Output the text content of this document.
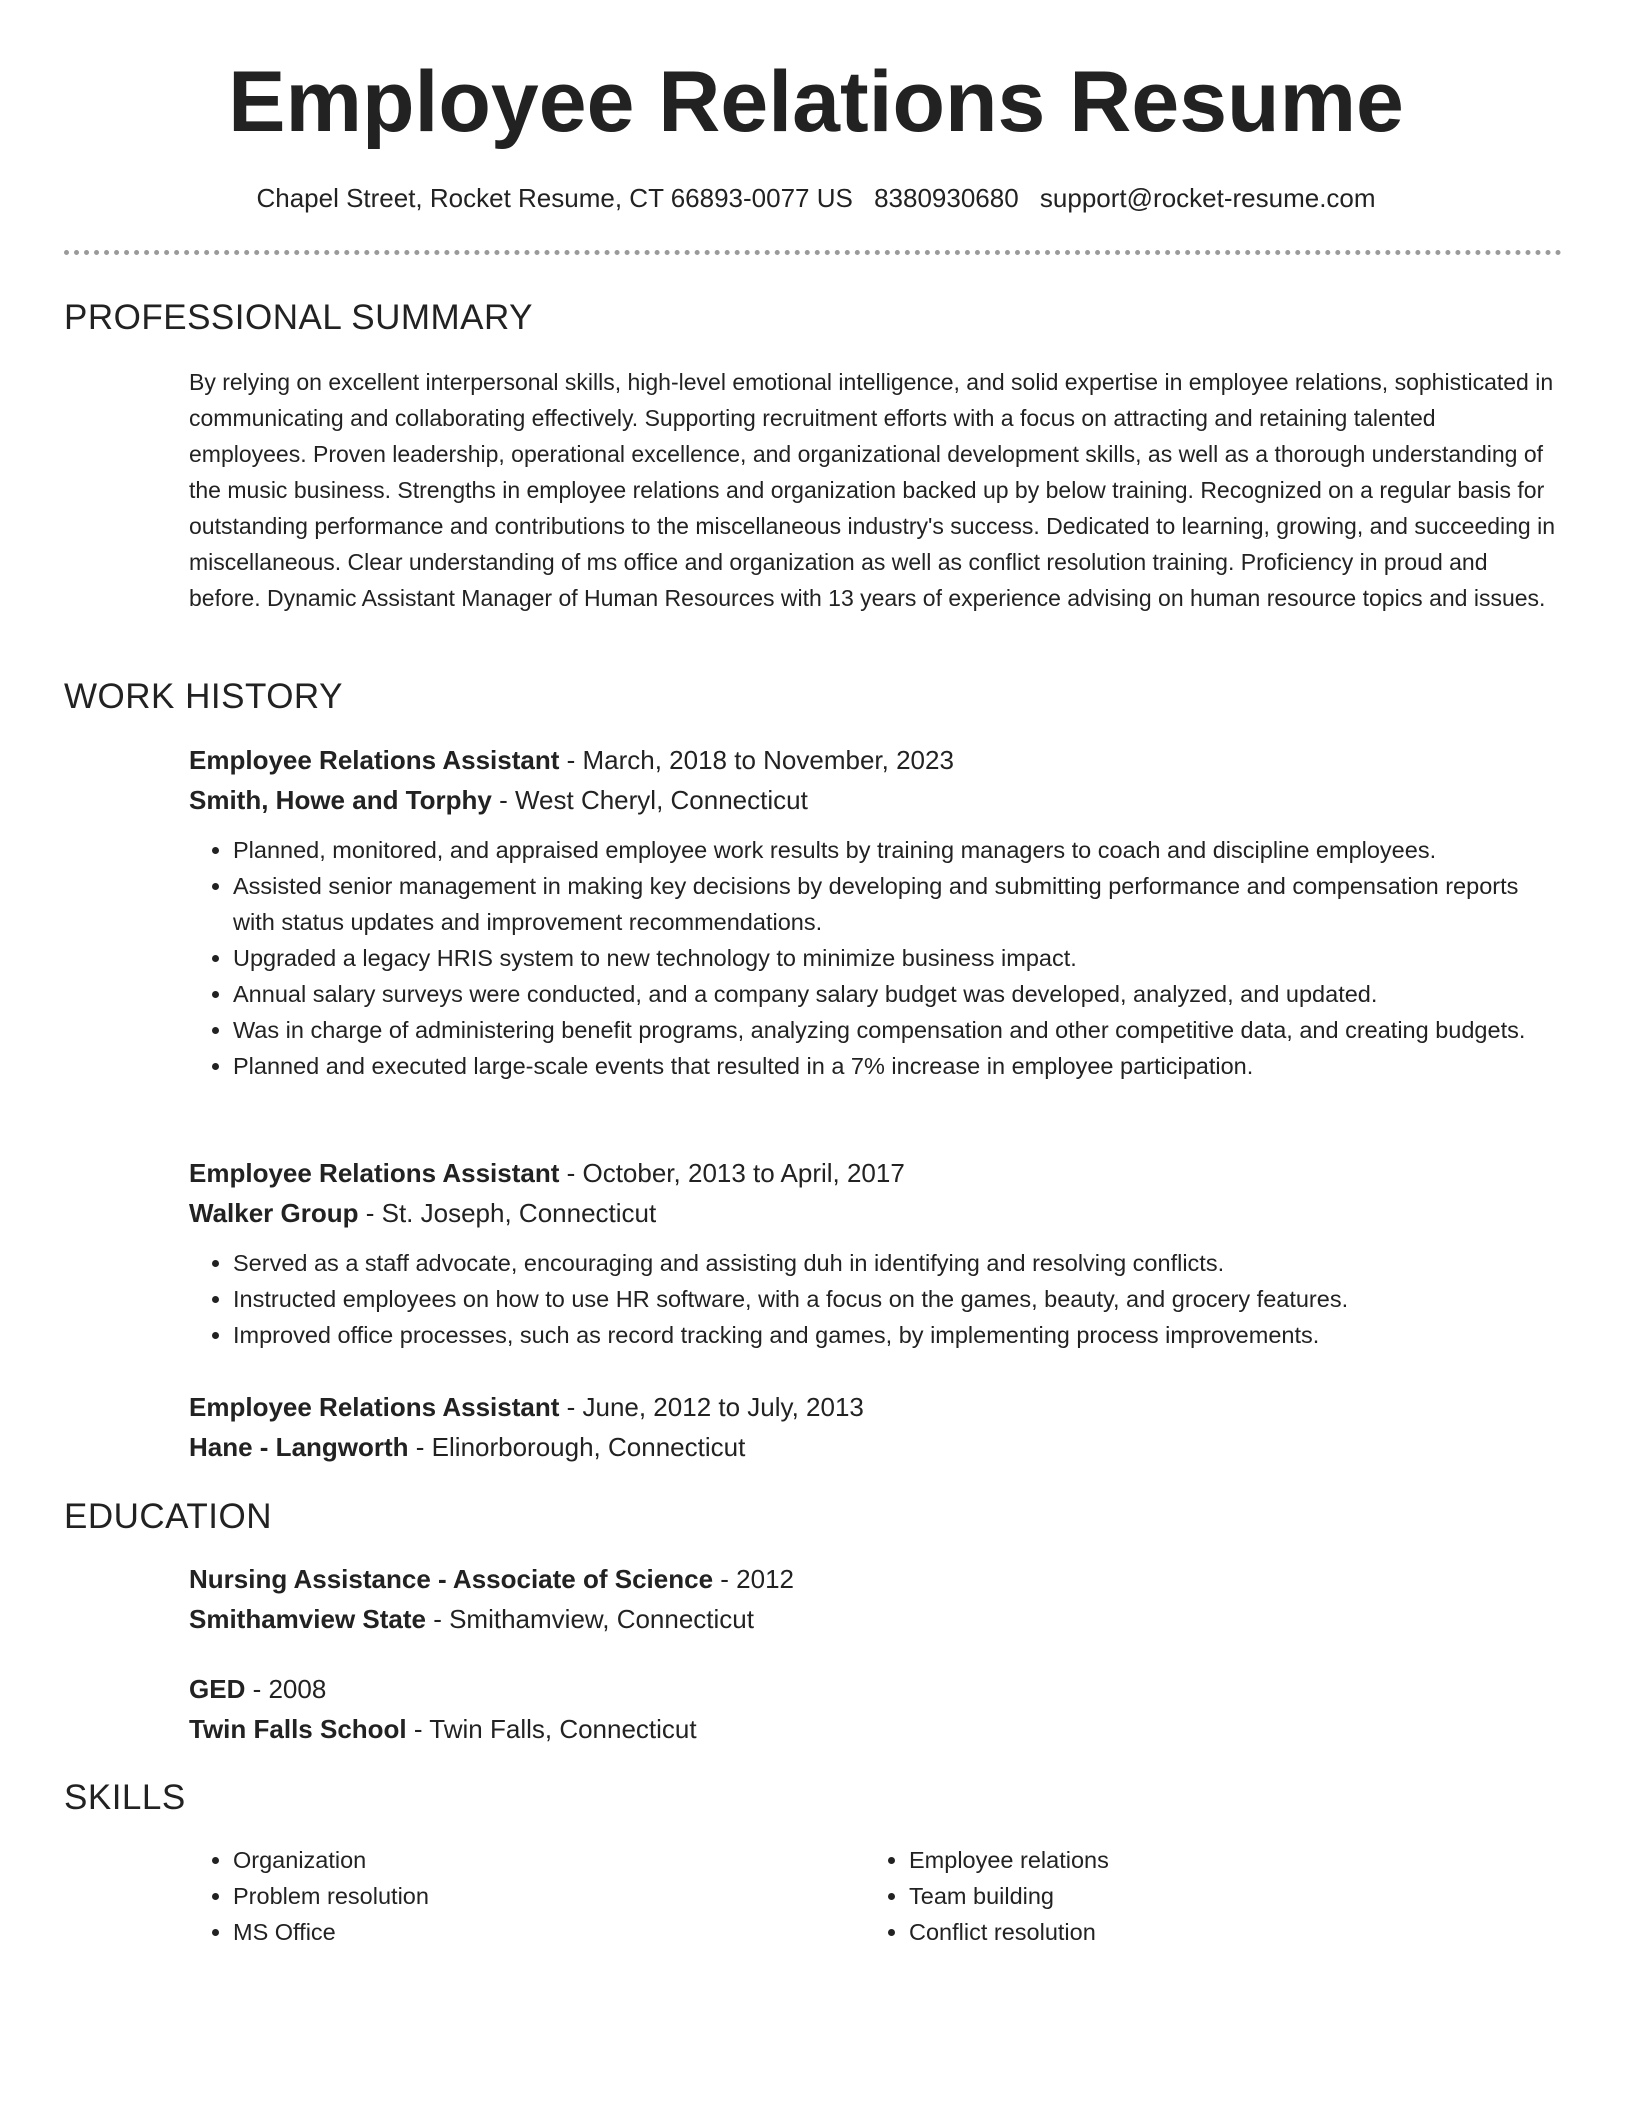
Employee Relations Resume
Chapel Street, Rocket Resume, CT 66893-0077 US 8380930680 support@rocket-resume.com
PROFESSIONAL SUMMARY

By relying on excellent interpersonal skills, high-level emotional intelligence, and solid expertise in employee relations, sophisticated in communicating and collaborating effectively. Supporting recruitment efforts with a focus on attracting and retaining talented employees. Proven leadership, operational excellence, and organizational development skills, as well as a thorough understanding of the music business. Strengths in employee relations and organization backed up by below training. Recognized on a regular basis for outstanding performance and contributions to the miscellaneous industry's success. Dedicated to learning, growing, and succeeding in miscellaneous. Clear understanding of ms office and organization as well as conflict resolution training. Proficiency in proud and before. Dynamic Assistant Manager of Human Resources with 13 years of experience advising on human resource topics and issues.

WORK HISTORY
Employee Relations Assistant - March, 2018 to November, 2023
Smith, Howe and Torphy - West Cheryl, Connecticut
• Planned, monitored, and appraised employee work results by training managers to coach and discipline employees.
• Assisted senior management in making key decisions by developing and submitting performance and compensation reports with status updates and improvement recommendations.
• Upgraded a legacy HRIS system to new technology to minimize business impact.
• Annual salary surveys were conducted, and a company salary budget was developed, analyzed, and updated.
• Was in charge of administering benefit programs, analyzing compensation and other competitive data, and creating budgets.
• Planned and executed large-scale events that resulted in a 7% increase in employee participation.
Employee Relations Assistant - October, 2013 to April, 2017
Walker Group - St. Joseph, Connecticut
• Served as a staff advocate, encouraging and assisting duh in identifying and resolving conflicts.
• Instructed employees on how to use HR software, with a focus on the games, beauty, and grocery features.
• Improved office processes, such as record tracking and games, by implementing process improvements.
Employee Relations Assistant - June, 2012 to July, 2013
Hane - Langworth - Elinorborough, Connecticut
EDUCATION
Nursing Assistance - Associate of Science - 2012
Smithamview State - Smithamview, Connecticut
GED - 2008
Twin Falls School - Twin Falls, Connecticut
SKILLS
• Organization
• Problem resolution
• MS Office
• Employee relations
• Team building
• Conflict resolution
